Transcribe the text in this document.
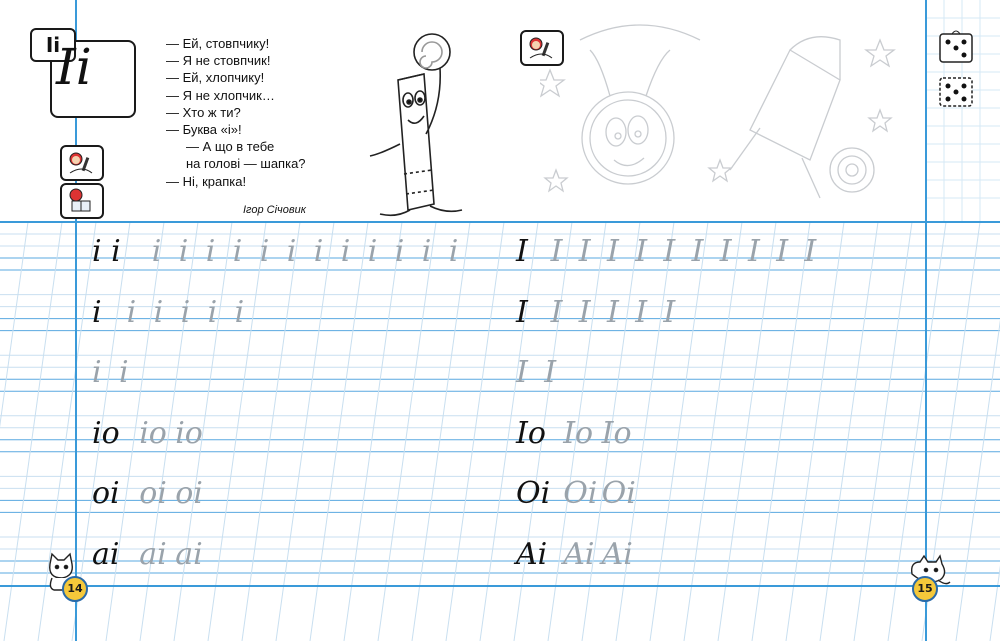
Іі
Іі	— Ей, стовпчику!
— Я не стовпчик!
— Ей, хлопчику!
— Я не хлопчик…
— Хто ж ти?
— Буква «і»!
— А що в тебе
на голові — шапка?
— Ні, крапка!
Ігор Січовик
i i i i i i i i i i i i i i
i i i i i i
i i
io io io
oi oi oi
ai ai ai
І І І І І І І І І І І
І І І І І І
І І
Іo Іo Іo
Oi Oi Oi
Ai Ai Ai
14	15
